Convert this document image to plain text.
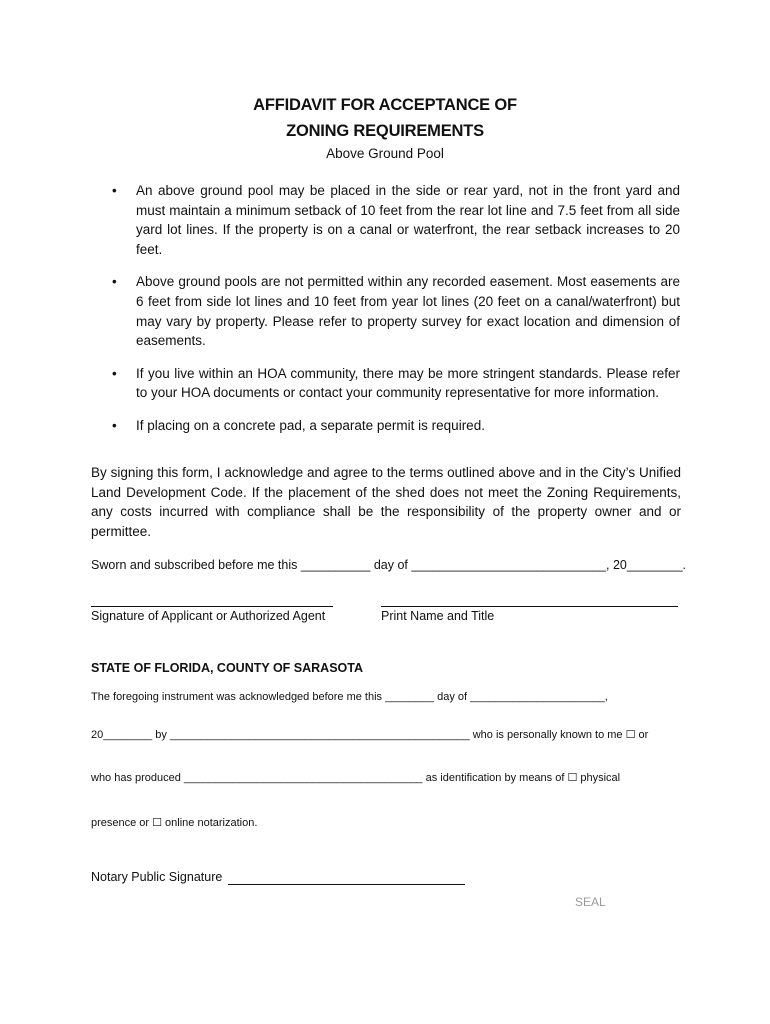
AFFIDAVIT FOR ACCEPTANCE OF
ZONING REQUIREMENTS
Above Ground Pool
• An above ground pool may be placed in the side or rear yard, not in the front yard and must maintain a minimum setback of 10 feet from the rear lot line and 7.5 feet from all side yard lot lines. If the property is on a canal or waterfront, the rear setback increases to 20 feet.
• Above ground pools are not permitted within any recorded easement. Most easements are 6 feet from side lot lines and 10 feet from year lot lines (20 feet on a canal/waterfront) but may vary by property. Please refer to property survey for exact location and dimension of easements.
• If you live within an HOA community, there may be more stringent standards. Please refer to your HOA documents or contact your community representative for more information.
• If placing on a concrete pad, a separate permit is required.

By signing this form, I acknowledge and agree to the terms outlined above and in the City’s Unified Land Development Code. If the placement of the shed does not meet the Zoning Requirements, any costs incurred with compliance shall be the responsibility of the property owner and or permittee.

Sworn and subscribed before me this __________ day of ____________________________, 20________.
Signature of Applicant or Authorized Agent	Print Name and Title
STATE OF FLORIDA, COUNTY OF SARASOTA
The foregoing instrument was acknowledged before me this ________ day of ______________________,
20________ by _________________________________________________ who is personally known to me ☐ or
who has produced _______________________________________ as identification by means of ☐ physical
presence or ☐ online notarization.
Notary Public Signature
SEAL
